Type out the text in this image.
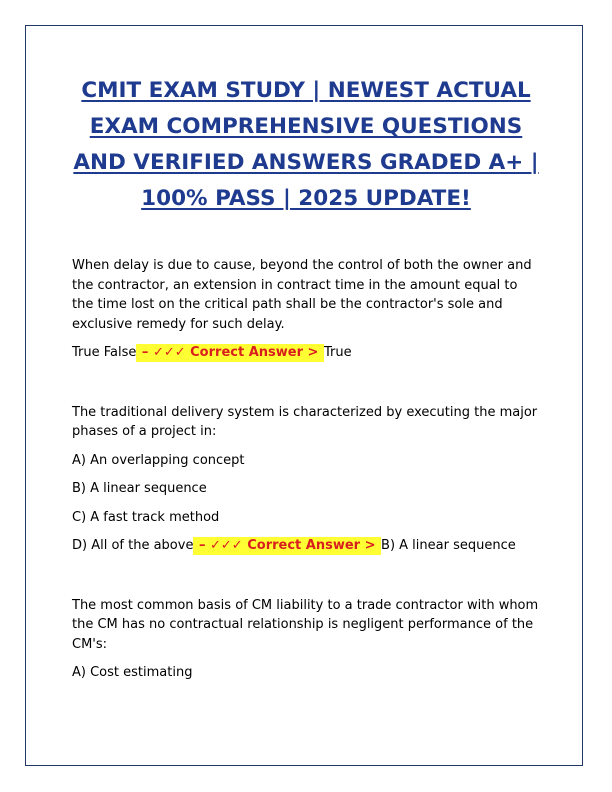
CMIT EXAM STUDY | NEWEST ACTUAL EXAM COMPREHENSIVE QUESTIONS AND VERIFIED ANSWERS GRADED A+ | 100% PASS | 2025 UPDATE!

When delay is due to cause, beyond the control of both the owner and the contractor, an extension in contract time in the amount equal to the time lost on the critical path shall be the contractor's sole and exclusive remedy for such delay.

True False – ✓✓✓ Correct Answer > True

The traditional delivery system is characterized by executing the major phases of a project in:

A) An overlapping concept

B) A linear sequence

C) A fast track method

D) All of the above – ✓✓✓ Correct Answer > B) A linear sequence

The most common basis of CM liability to a trade contractor with whom the CM has no contractual relationship is negligent performance of the CM's:

A) Cost estimating
